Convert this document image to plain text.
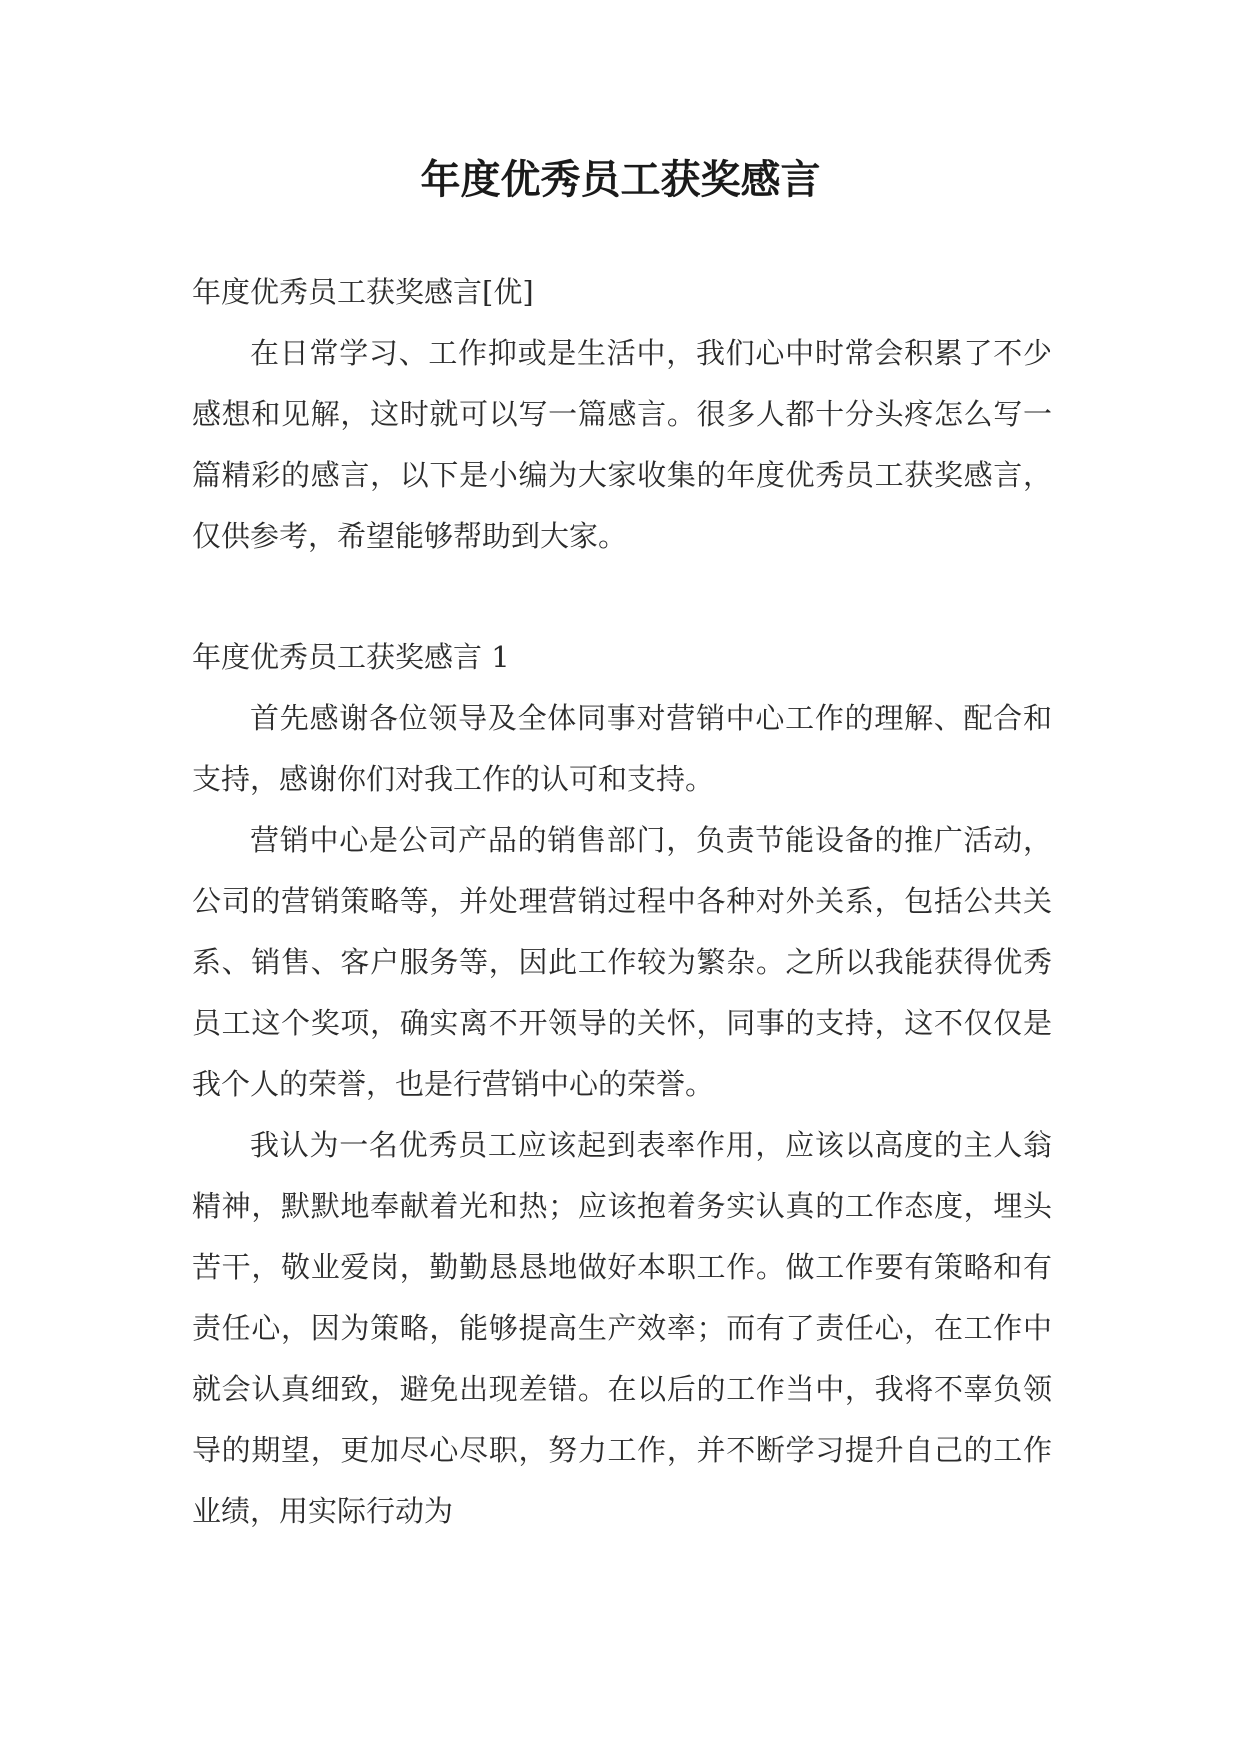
年度优秀员工获奖感言
年度优秀员工获奖感言[优]

在日常学习、工作抑或是生活中，我们心中时常会积累了不少感想和见解，这时就可以写一篇感言。很多人都十分头疼怎么写一篇精彩的感言，以下是小编为大家收集的年度优秀员工获奖感言，仅供参考，希望能够帮助到大家。

年度优秀员工获奖感言 1

首先感谢各位领导及全体同事对营销中心工作的理解、配合和支持，感谢你们对我工作的认可和支持。

营销中心是公司产品的销售部门，负责节能设备的推广活动，公司的营销策略等，并处理营销过程中各种对外关系，包括公共关系、销售、客户服务等，因此工作较为繁杂。之所以我能获得优秀员工这个奖项，确实离不开领导的关怀，同事的支持，这不仅仅是我个人的荣誉，也是行营销中心的荣誉。

我认为一名优秀员工应该起到表率作用，应该以高度的主人翁精神，默默地奉献着光和热；应该抱着务实认真的工作态度，埋头苦干，敬业爱岗，勤勤恳恳地做好本职工作。做工作要有策略和有责任心，因为策略，能够提高生产效率；而有了责任心，在工作中就会认真细致，避免出现差错。在以后的工作当中，我将不辜负领导的期望，更加尽心尽职，努力工作，并不断学习提升自己的工作业绩，用实际行动为
